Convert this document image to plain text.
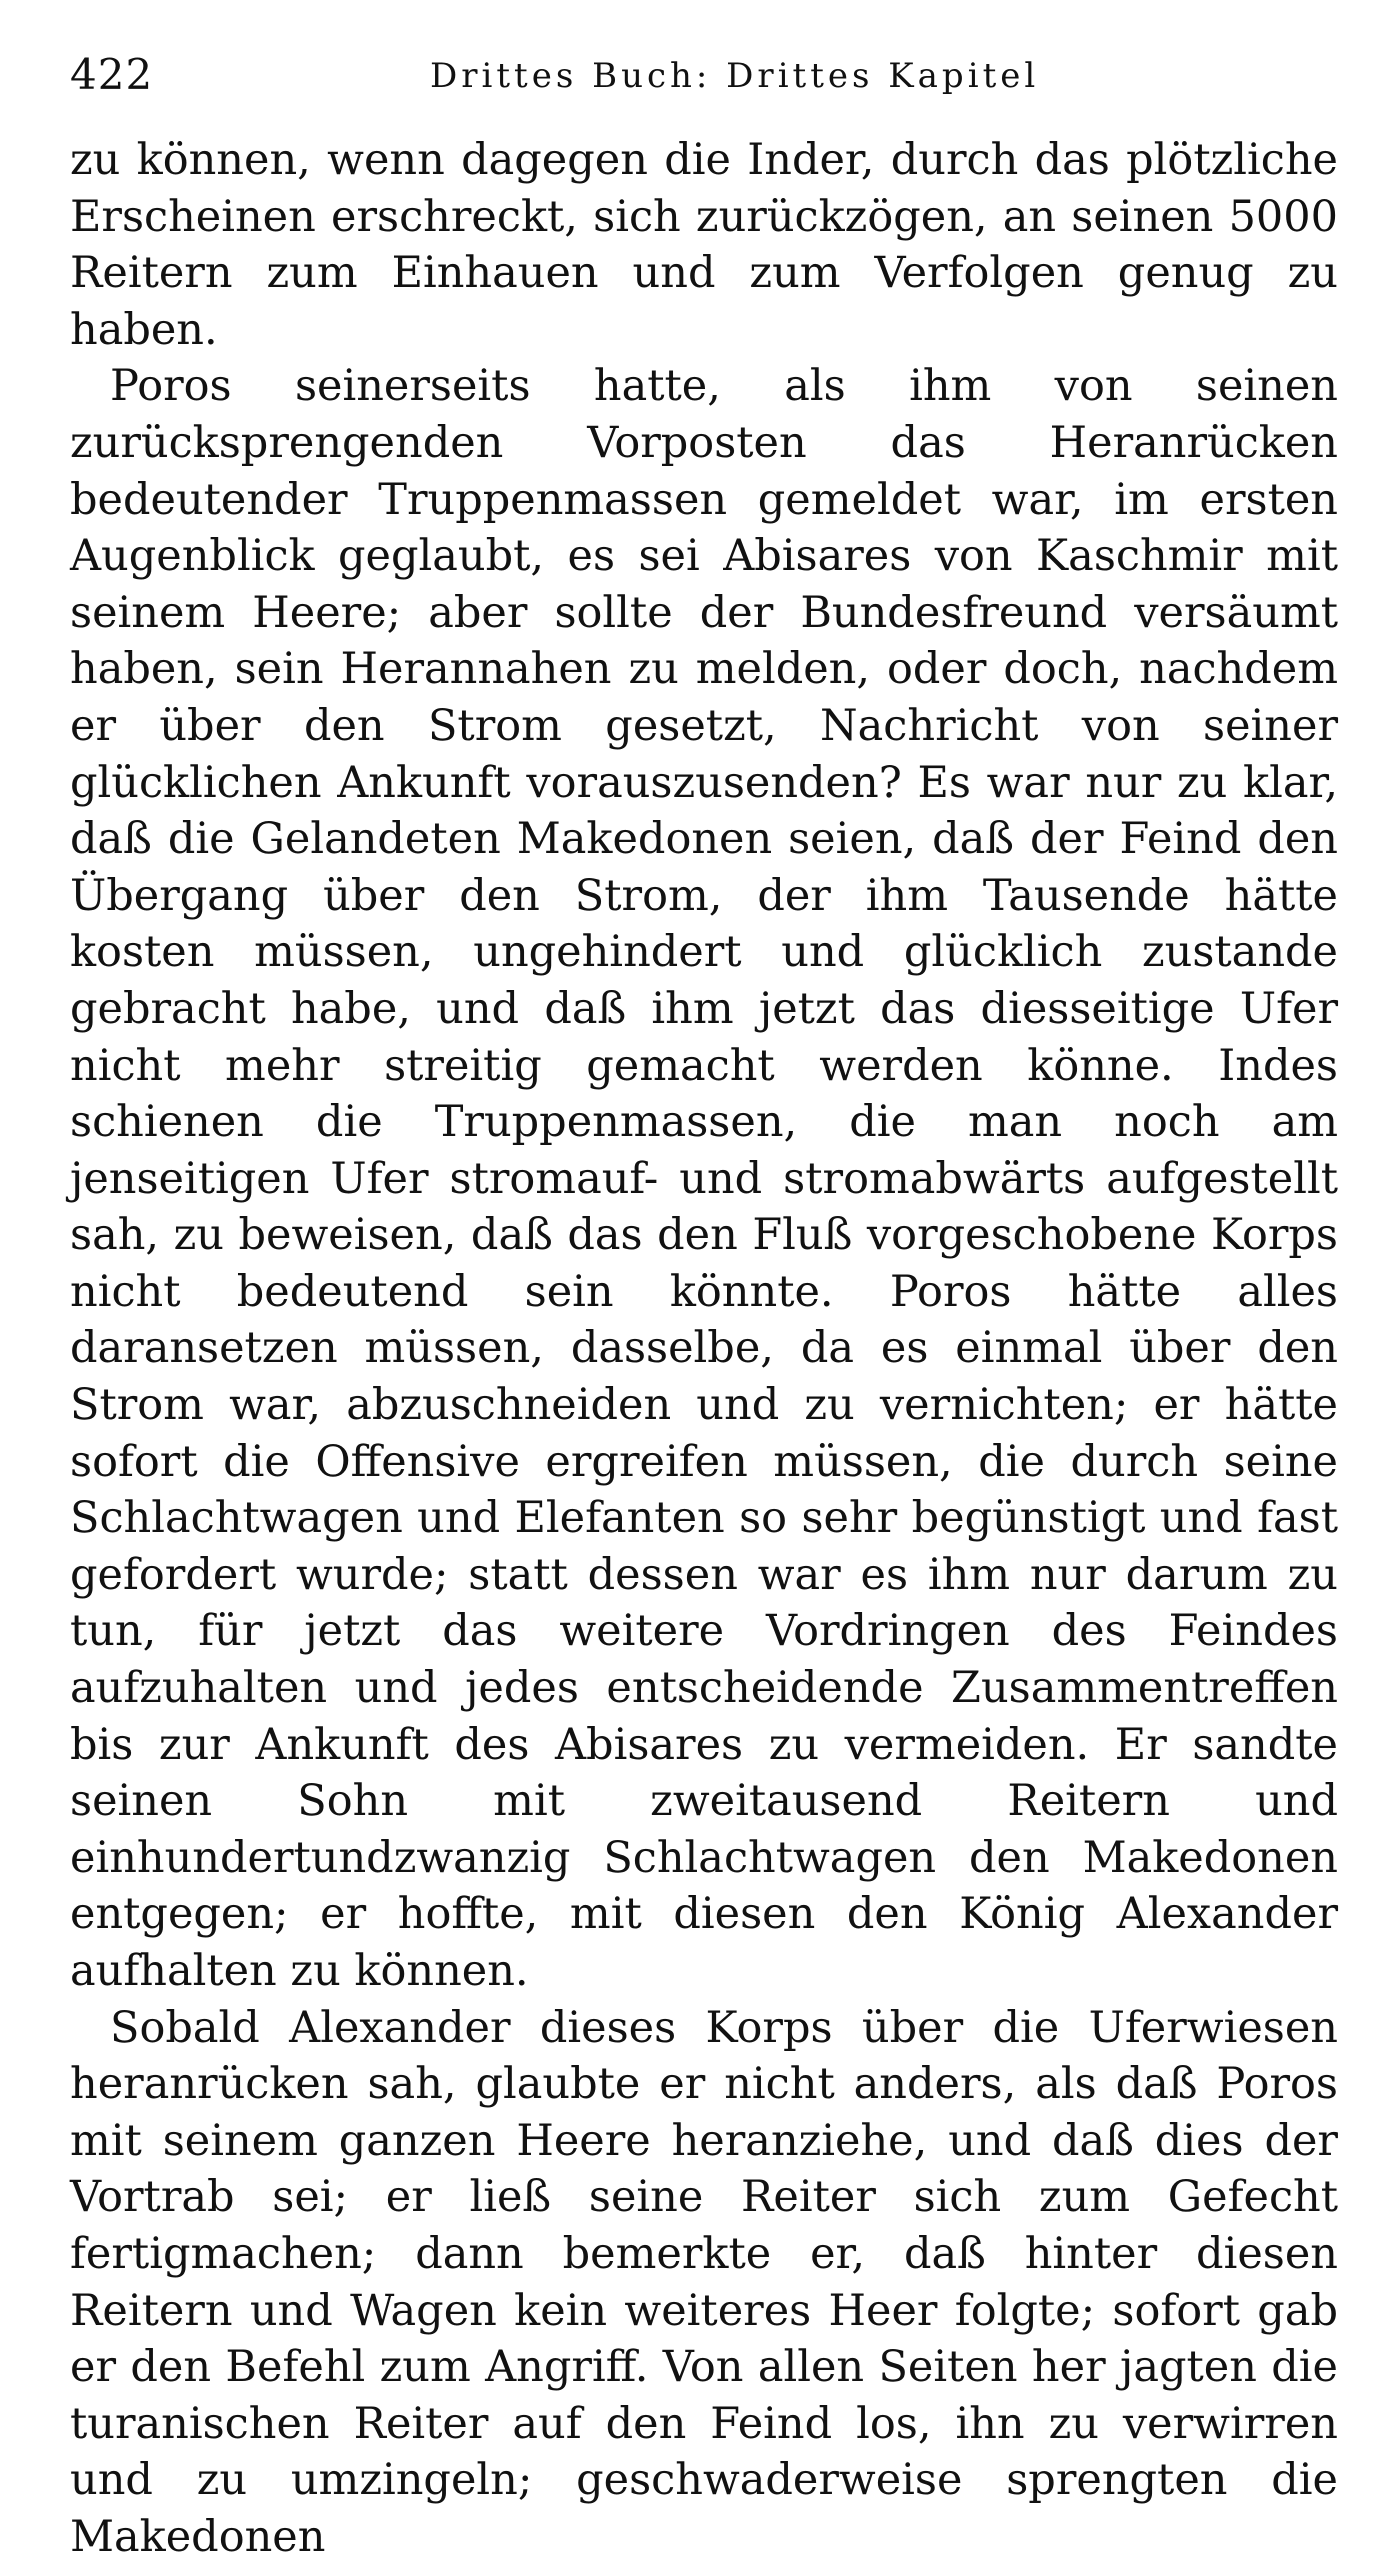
422	Drittes Buch: Drittes Kapitel

zu können, wenn dagegen die Inder, durch das plötzliche Erscheinen erschreckt, sich zurückzögen, an seinen 5000 Reitern zum Einhauen und zum Verfolgen genug zu haben.

Poros seinerseits hatte, als ihm von seinen zurücksprengenden Vorposten das Heranrücken bedeutender Truppenmassen gemeldet war, im ersten Augenblick geglaubt, es sei Abisares von Kaschmir mit seinem Heere; aber sollte der Bundesfreund versäumt haben, sein Herannahen zu melden, oder doch, nachdem er über den Strom gesetzt, Nachricht von seiner glücklichen Ankunft vorauszusenden? Es war nur zu klar, daß die Gelandeten Makedonen seien, daß der Feind den Übergang über den Strom, der ihm Tausende hätte kosten müssen, ungehindert und glücklich zustande gebracht habe, und daß ihm jetzt das diesseitige Ufer nicht mehr streitig gemacht werden könne. Indes schienen die Truppenmassen, die man noch am jenseitigen Ufer stromauf- und stromabwärts aufgestellt sah, zu beweisen, daß das den Fluß vorgeschobene Korps nicht bedeutend sein könnte. Poros hätte alles daransetzen müssen, dasselbe, da es einmal über den Strom war, abzuschneiden und zu vernichten; er hätte sofort die Offensive ergreifen müssen, die durch seine Schlachtwagen und Elefanten so sehr begünstigt und fast gefordert wurde; statt dessen war es ihm nur darum zu tun, für jetzt das weitere Vordringen des Feindes aufzuhalten und jedes entscheidende Zusammentreffen bis zur Ankunft des Abisares zu vermeiden. Er sandte seinen Sohn mit zweitausend Reitern und einhundertundzwanzig Schlachtwagen den Makedonen entgegen; er hoffte, mit diesen den König Alexander aufhalten zu können.

Sobald Alexander dieses Korps über die Uferwiesen heranrücken sah, glaubte er nicht anders, als daß Poros mit seinem ganzen Heere heranziehe, und daß dies der Vortrab sei; er ließ seine Reiter sich zum Gefecht fertigmachen; dann bemerkte er, daß hinter diesen Reitern und Wagen kein weiteres Heer folgte; sofort gab er den Befehl zum Angriff. Von allen Seiten her jagten die turanischen Reiter auf den Feind los, ihn zu verwirren und zu umzingeln; geschwaderweise sprengten die Makedonen
